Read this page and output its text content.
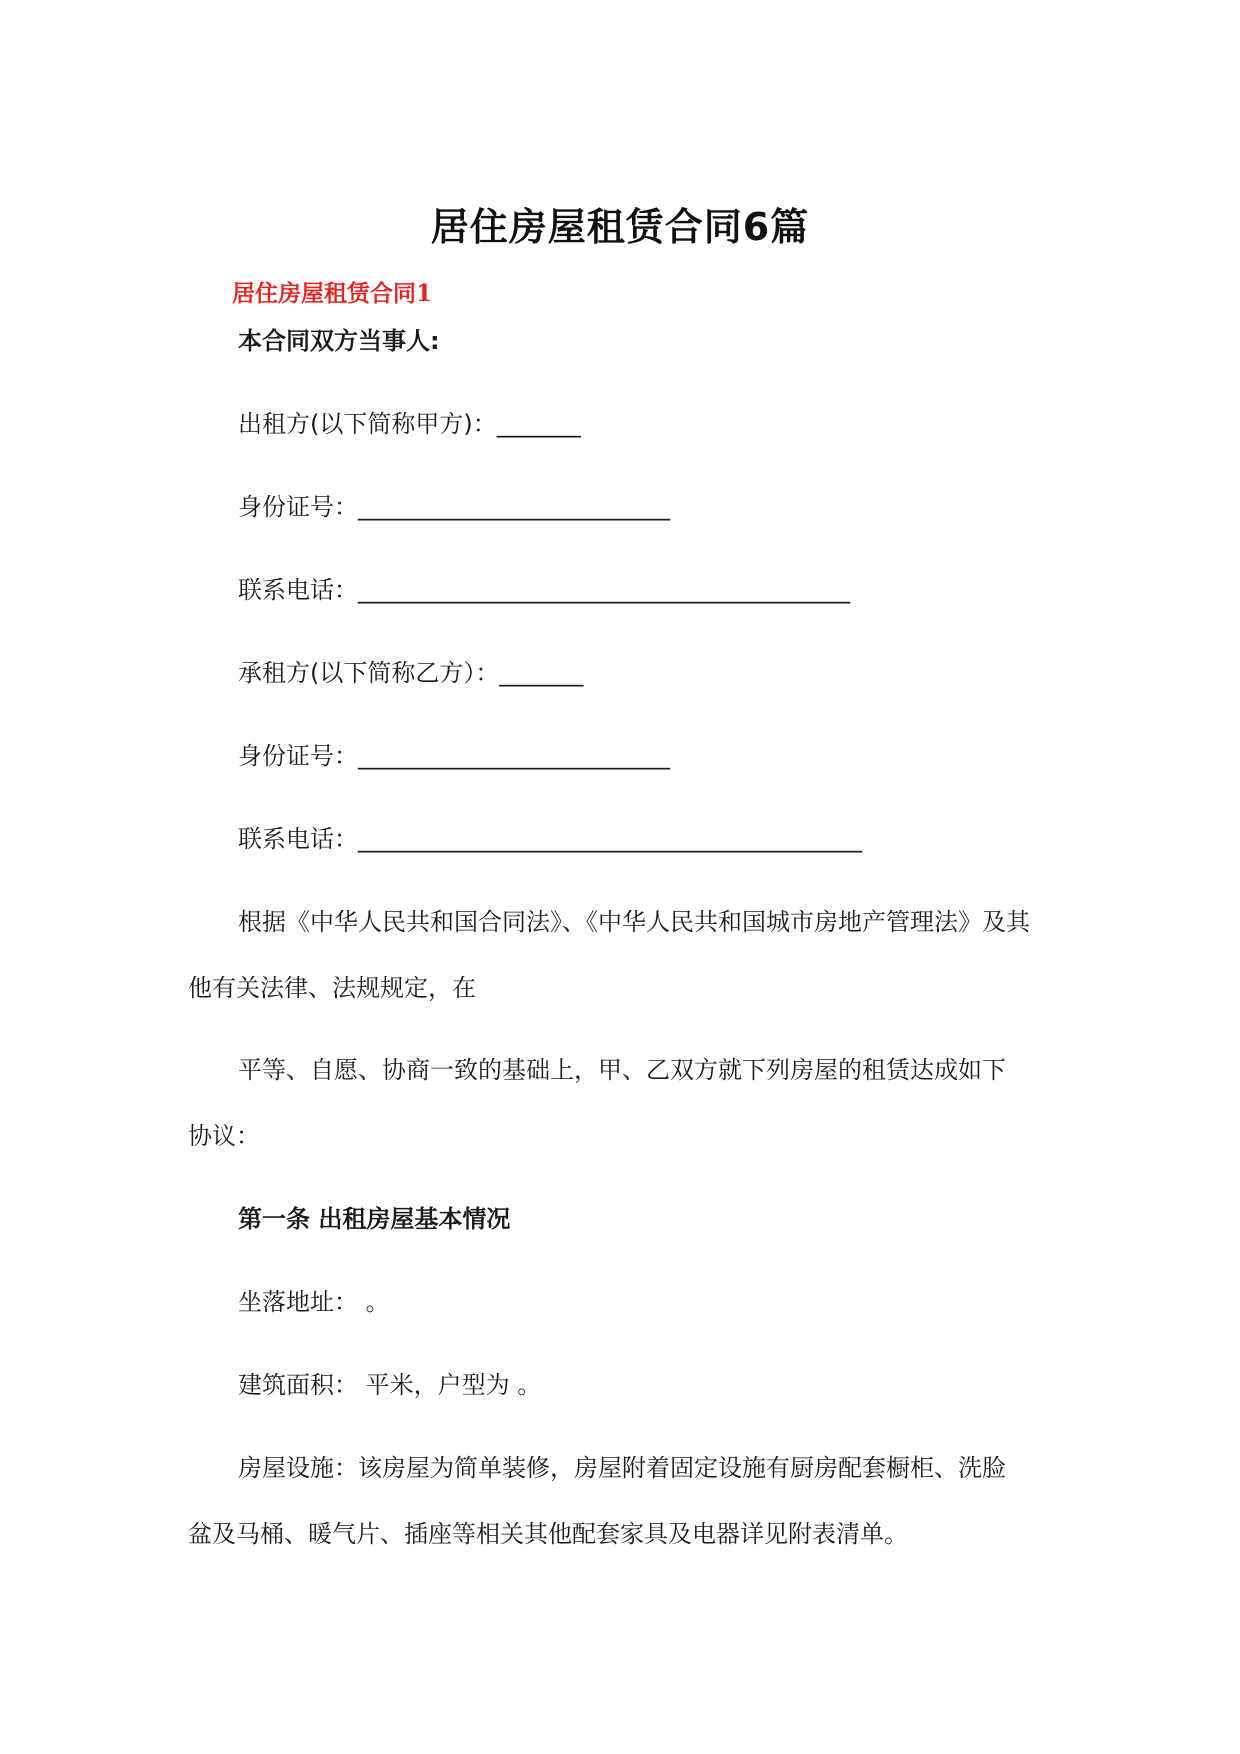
居住房屋租赁合同6篇
居住房屋租赁合同1

本合同双方当事人:

出租方(以下简称甲方)：_______

身份证号：__________________________

联系电话：_________________________________________

承租方(以下简称乙方）：_______

身份证号：__________________________

联系电话：__________________________________________

根据《中华人民共和国合同法》、《中华人民共和国城市房地产管理法》及其

他有关法律、法规规定，在

平等、自愿、协商一致的基础上，甲、乙双方就下列房屋的租赁达成如下

协议：

第一条 出租房屋基本情况

坐落地址： 。

建筑面积： 平米，户型为 。

房屋设施：该房屋为简单装修，房屋附着固定设施有厨房配套橱柜、洗脸

盆及马桶、暖气片、插座等相关其他配套家具及电器详见附表清单。
